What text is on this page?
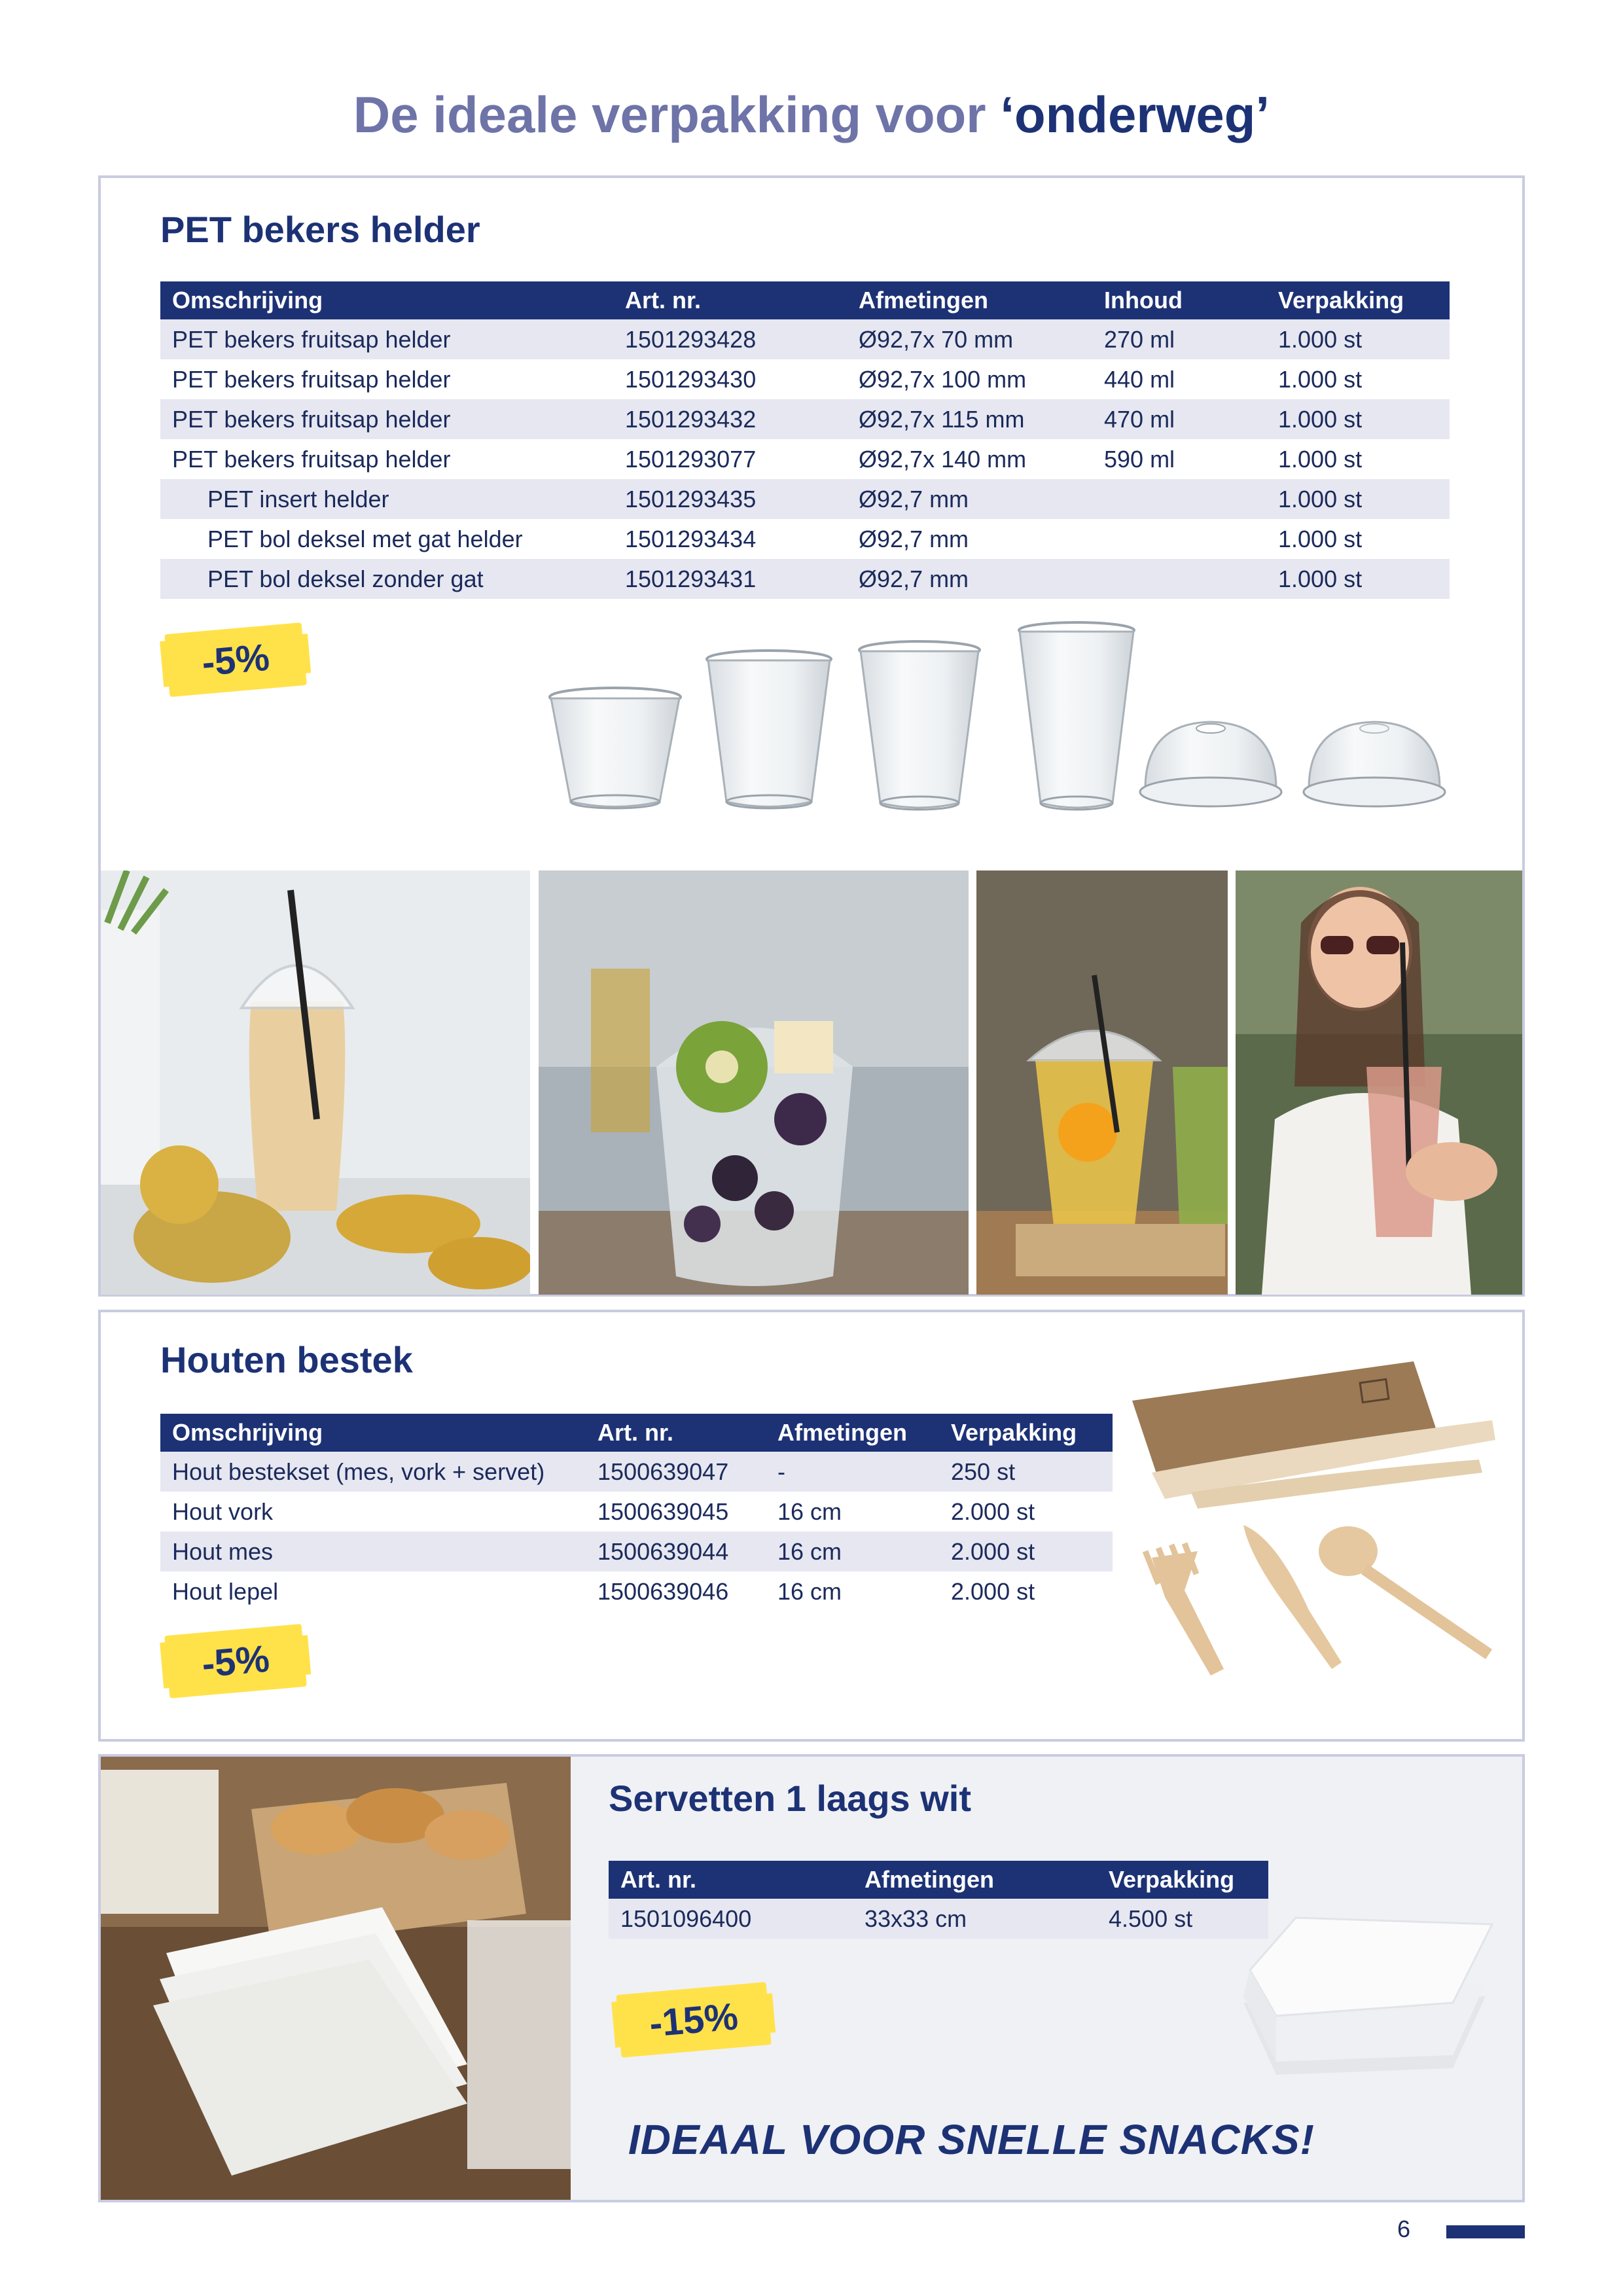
De ideale verpakking voor ‘onderweg’
PET bekers helder
Omschrijving	Art. nr.	Afmetingen	Inhoud	Verpakking
PET bekers fruitsap helder	1501293428	Ø92,7x 70 mm	270 ml	1.000 st
PET bekers fruitsap helder	1501293430	Ø92,7x 100 mm	440 ml	1.000 st
PET bekers fruitsap helder	1501293432	Ø92,7x 115 mm	470 ml	1.000 st
PET bekers fruitsap helder	1501293077	Ø92,7x 140 mm	590 ml	1.000 st
PET insert helder	1501293435	Ø92,7 mm		1.000 st
PET bol deksel met gat helder	1501293434	Ø92,7 mm		1.000 st
PET bol deksel zonder gat	1501293431	Ø92,7 mm		1.000 st
-5%
Houten bestek
Omschrijving	Art. nr.	Afmetingen	Verpakking
Hout bestekset (mes, vork + servet)	1500639047	-	250 st
Hout vork	1500639045	16 cm	2.000 st
Hout mes	1500639044	16 cm	2.000 st
Hout lepel	1500639046	16 cm	2.000 st
-5%
Servetten 1 laags wit
Art. nr.	Afmetingen	Verpakking
1501096400	33x33 cm	4.500 st
-15%
IDEAAL VOOR SNELLE SNACKS!
6
